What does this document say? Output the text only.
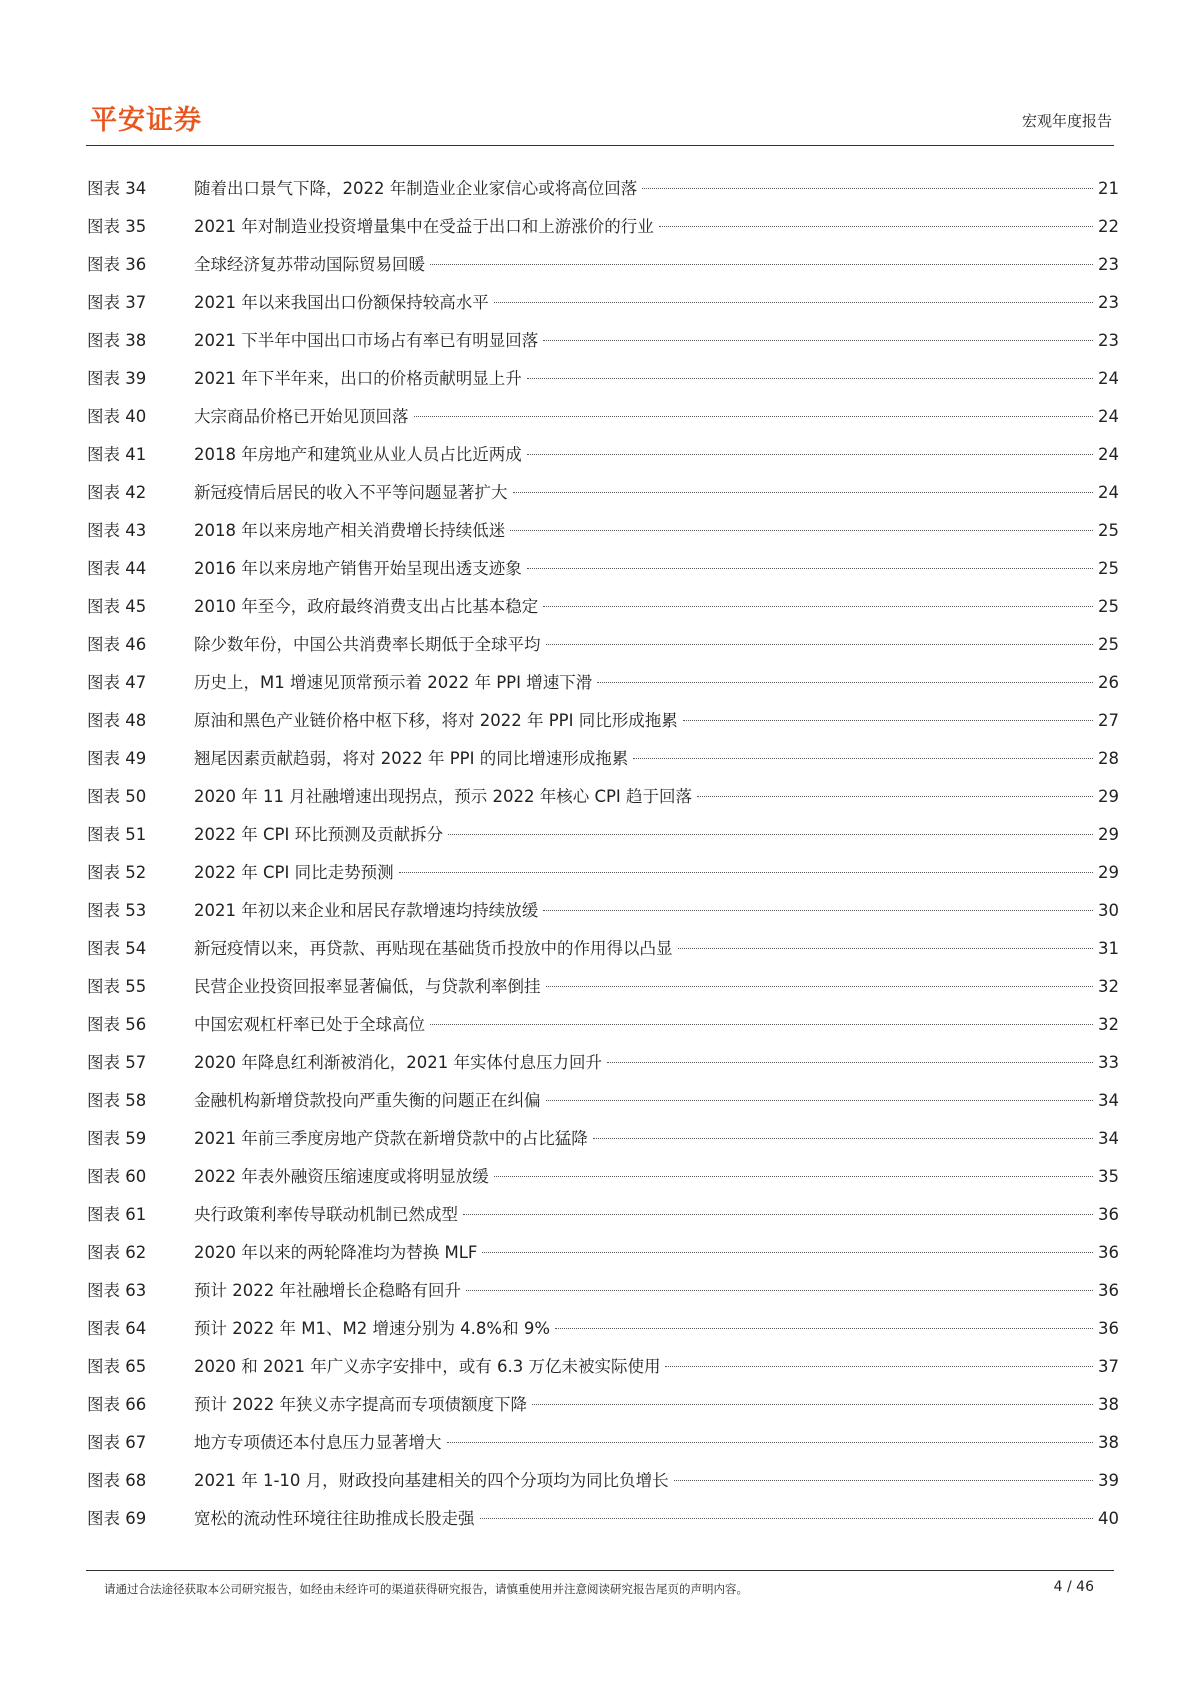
平安证券	宏观年度报告
图表 34	随着出口景气下降，2022 年制造业企业家信心或将高位回落	21
图表 35	2021 年对制造业投资增量集中在受益于出口和上游涨价的行业	22
图表 36	全球经济复苏带动国际贸易回暖	23
图表 37	2021 年以来我国出口份额保持较高水平	23
图表 38	2021 下半年中国出口市场占有率已有明显回落	23
图表 39	2021 年下半年来，出口的价格贡献明显上升	24
图表 40	大宗商品价格已开始见顶回落	24
图表 41	2018 年房地产和建筑业从业人员占比近两成	24
图表 42	新冠疫情后居民的收入不平等问题显著扩大	24
图表 43	2018 年以来房地产相关消费增长持续低迷	25
图表 44	2016 年以来房地产销售开始呈现出透支迹象	25
图表 45	2010 年至今，政府最终消费支出占比基本稳定	25
图表 46	除少数年份，中国公共消费率长期低于全球平均	25
图表 47	历史上，M1 增速见顶常预示着 2022 年 PPI 增速下滑	26
图表 48	原油和黑色产业链价格中枢下移，将对 2022 年 PPI 同比形成拖累	27
图表 49	翘尾因素贡献趋弱，将对 2022 年 PPI 的同比增速形成拖累	28
图表 50	2020 年 11 月社融增速出现拐点，预示 2022 年核心 CPI 趋于回落	29
图表 51	2022 年 CPI 环比预测及贡献拆分	29
图表 52	2022 年 CPI 同比走势预测	29
图表 53	2021 年初以来企业和居民存款增速均持续放缓	30
图表 54	新冠疫情以来，再贷款、再贴现在基础货币投放中的作用得以凸显	31
图表 55	民营企业投资回报率显著偏低，与贷款利率倒挂	32
图表 56	中国宏观杠杆率已处于全球高位	32
图表 57	2020 年降息红利渐被消化，2021 年实体付息压力回升	33
图表 58	金融机构新增贷款投向严重失衡的问题正在纠偏	34
图表 59	2021 年前三季度房地产贷款在新增贷款中的占比猛降	34
图表 60	2022 年表外融资压缩速度或将明显放缓	35
图表 61	央行政策利率传导联动机制已然成型	36
图表 62	2020 年以来的两轮降准均为替换 MLF	36
图表 63	预计 2022 年社融增长企稳略有回升	36
图表 64	预计 2022 年 M1、M2 增速分别为 4.8%和 9%	36
图表 65	2020 和 2021 年广义赤字安排中，或有 6.3 万亿未被实际使用	37
图表 66	预计 2022 年狭义赤字提高而专项债额度下降	38
图表 67	地方专项债还本付息压力显著增大	38
图表 68	2021 年 1-10 月，财政投向基建相关的四个分项均为同比负增长	39
图表 69	宽松的流动性环境往往助推成长股走强	40
请通过合法途径获取本公司研究报告，如经由未经许可的渠道获得研究报告，请慎重使用并注意阅读研究报告尾页的声明内容。	4 / 46
